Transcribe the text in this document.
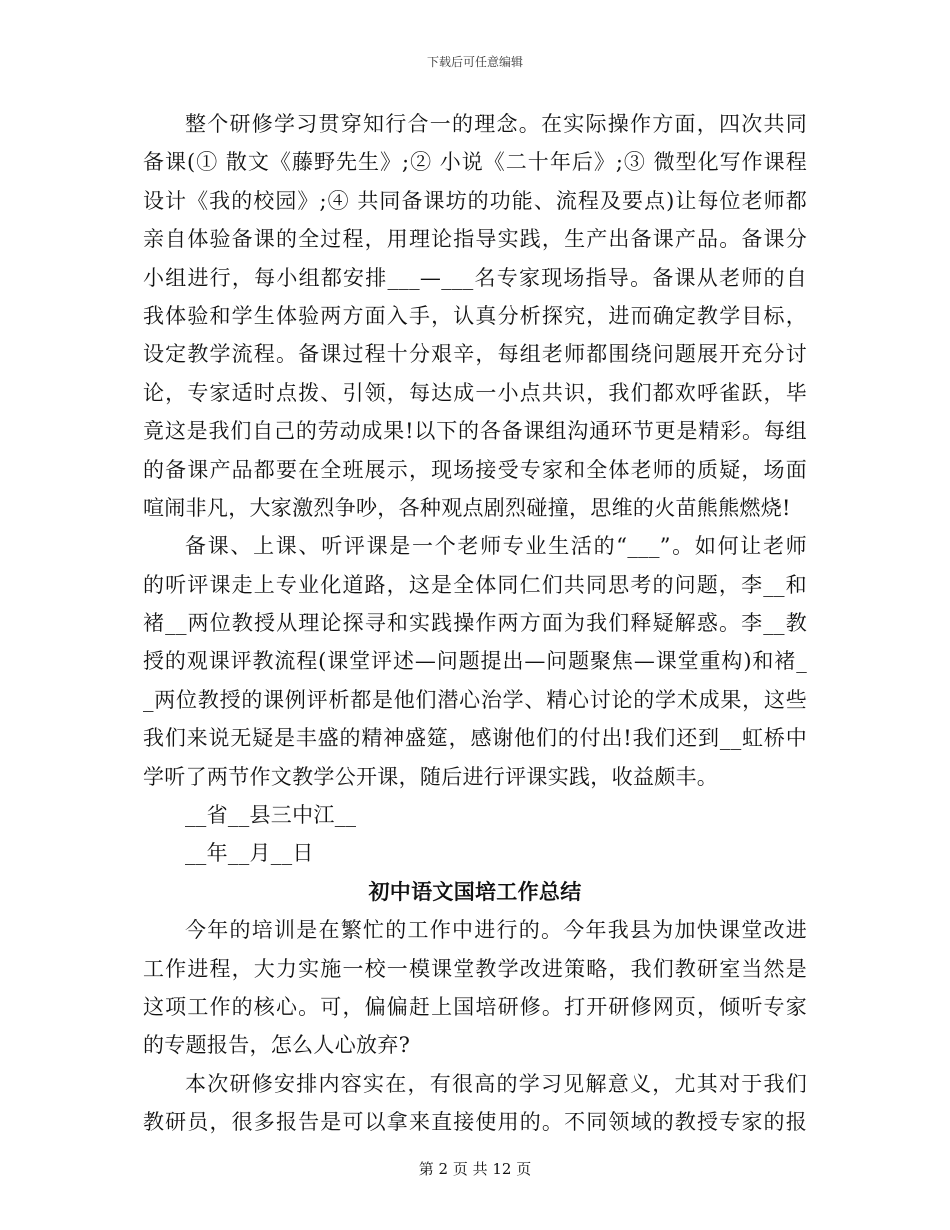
下载后可任意编辑
整个研修学习贯穿知行合一的理念。在实际操作方面，四次共同
备课(① 散文《藤野先生》;② 小说《二十年后》;③ 微型化写作课程
设计《我的校园》;④ 共同备课坊的功能、流程及要点)让每位老师都
亲自体验备课的全过程，用理论指导实践，生产出备课产品。备课分
小组进行，每小组都安排___—___名专家现场指导。备课从老师的自
我体验和学生体验两方面入手，认真分析探究，进而确定教学目标，
设定教学流程。备课过程十分艰辛，每组老师都围绕问题展开充分讨
论，专家适时点拨、引领，每达成一小点共识，我们都欢呼雀跃，毕
竟这是我们自己的劳动成果!以下的各备课组沟通环节更是精彩。每组
的备课产品都要在全班展示，现场接受专家和全体老师的质疑，场面
喧闹非凡，大家激烈争吵，各种观点剧烈碰撞，思维的火苗熊熊燃烧!
备课、上课、听评课是一个老师专业生活的“___”。如何让老师
的听评课走上专业化道路，这是全体同仁们共同思考的问题，李__和
褚__两位教授从理论探寻和实践操作两方面为我们释疑解惑。李__教
授的观课评教流程(课堂评述—问题提出—问题聚焦—课堂重构)和褚_
_两位教授的课例评析都是他们潜心治学、精心讨论的学术成果，这些
我们来说无疑是丰盛的精神盛筵，感谢他们的付出!我们还到__虹桥中
学听了两节作文教学公开课，随后进行评课实践，收益颇丰。
__省__县三中江__
__年__月__日
初中语文国培工作总结
今年的培训是在繁忙的工作中进行的。今年我县为加快课堂改进
工作进程，大力实施一校一模课堂教学改进策略，我们教研室当然是
这项工作的核心。可，偏偏赶上国培研修。打开研修网页，倾听专家
的专题报告，怎么人心放弃?
本次研修安排内容实在，有很高的学习见解意义，尤其对于我们
教研员，很多报告是可以拿来直接使用的。不同领域的教授专家的报
第 2 页 共 12 页
